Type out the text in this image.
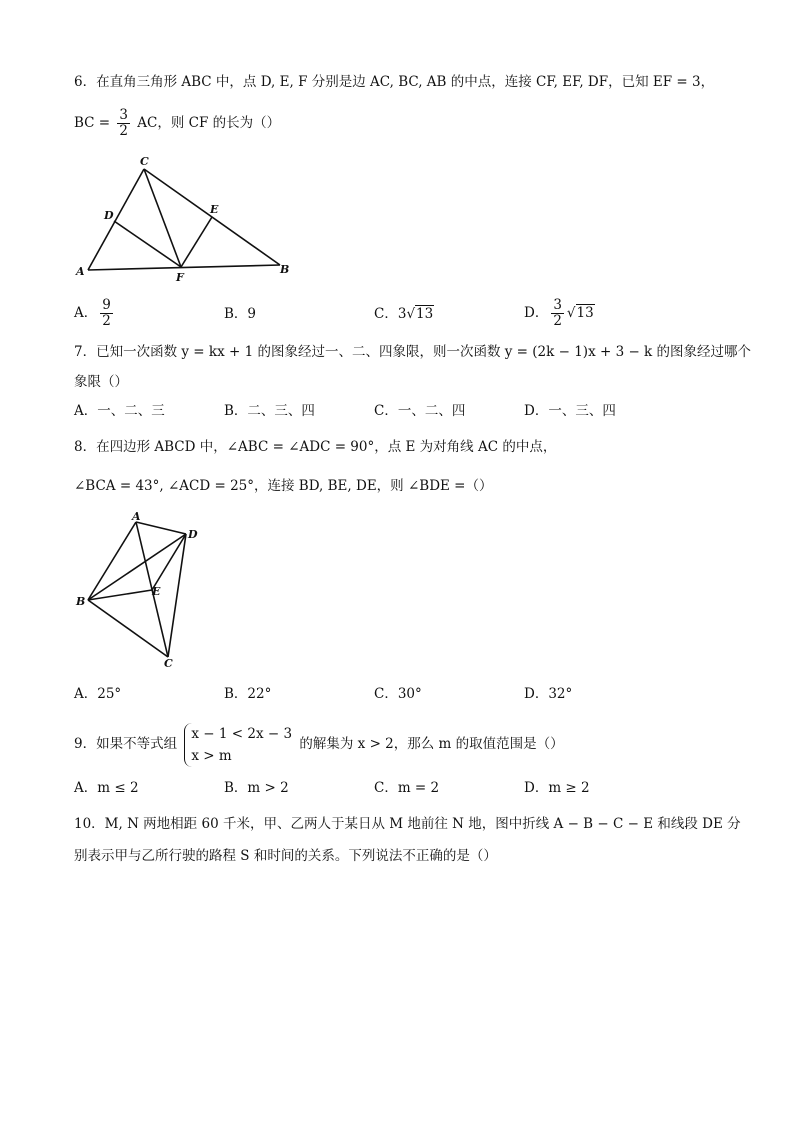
6．在直角三角形 ABC 中，点 D, E, F 分别是边 AC, BC, AB 的中点，连接 CF, EF, DF，已知 EF = 3，
BC = $\frac{3}{2}$ AC，则 CF 的长为（）
C
D	E
A	F
B
A． $\frac{9}{2}$	B．9	C．3√13	D． $\frac{3}{2} √13$
7．已知一次函数 y = kx + 1 的图象经过一、二、四象限，则一次函数 y = (2k − 1)x + 3 − k 的图象经过哪个
象限（）
A．一、二、三	B．二、三、四	C．一、二、四	D．一、三、四
8．在四边形 ABCD 中，∠ABC = ∠ADC = 90°，点 E 为对角线 AC 的中点，
∠BCA = 43°, ∠ACD = 25°，连接 BD, BE, DE，则 ∠BDE =（）
A
D
B
E
C
A．25°	B．22°	C．30°	D．32°
9．如果不等式组
x − 1 < 2x − 3
x > m
的解集为 x > 2，那么 m 的取值范围是（）
A．m ≤ 2	B．m > 2	C．m = 2	D．m ≥ 2
10．M, N 两地相距 60 千米，甲、乙两人于某日从 M 地前往 N 地，图中折线 A − B − C − E 和线段 DE 分
别表示甲与乙所行驶的路程 S 和时间的关系。下列说法不正确的是（）
